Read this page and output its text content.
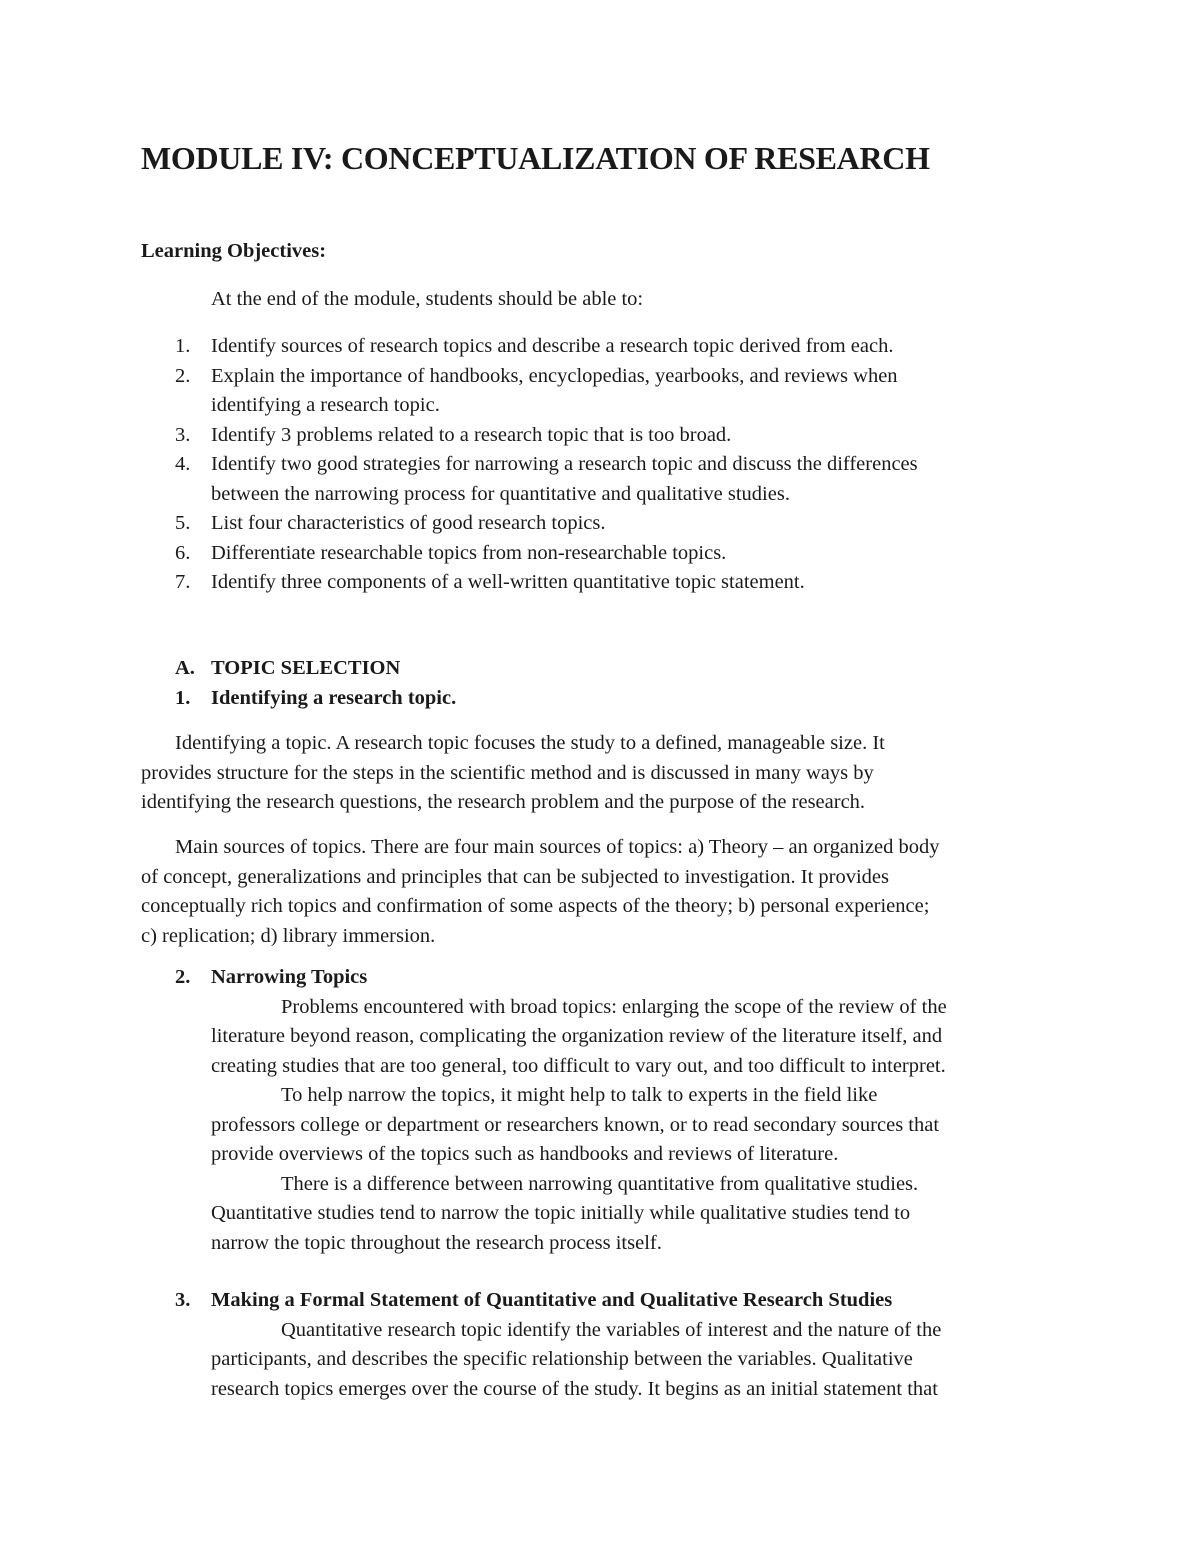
MODULE IV: CONCEPTUALIZATION OF RESEARCH
Learning Objectives:

At the end of the module, students should be able to:

1.	Identify sources of research topics and describe a research topic derived from each.
2.	Explain the importance of handbooks, encyclopedias, yearbooks, and reviews when
identifying a research topic.
3.	Identify 3 problems related to a research topic that is too broad.
4.	Identify two good strategies for narrowing a research topic and discuss the differences
between the narrowing process for quantitative and qualitative studies.
5.	List four characteristics of good research topics.
6.	Differentiate researchable topics from non-researchable topics.
7.	Identify three components of a well-written quantitative topic statement.
A. TOPIC SELECTION
1.	Identifying a research topic.

Identifying a topic. A research topic focuses the study to a defined, manageable size. It
provides structure for the steps in the scientific method and is discussed in many ways by
identifying the research questions, the research problem and the purpose of the research.

Main sources of topics. There are four main sources of topics: a) Theory – an organized body
of concept, generalizations and principles that can be subjected to investigation. It provides
conceptually rich topics and confirmation of some aspects of the theory; b) personal experience;
c) replication; d) library immersion.

2.	Narrowing Topics

Problems encountered with broad topics: enlarging the scope of the review of the
literature beyond reason, complicating the organization review of the literature itself, and
creating studies that are too general, too difficult to vary out, and too difficult to interpret.

To help narrow the topics, it might help to talk to experts in the field like
professors college or department or researchers known, or to read secondary sources that
provide overviews of the topics such as handbooks and reviews of literature.

There is a difference between narrowing quantitative from qualitative studies.
Quantitative studies tend to narrow the topic initially while qualitative studies tend to
narrow the topic throughout the research process itself.

3.	Making a Formal Statement of Quantitative and Qualitative Research Studies

Quantitative research topic identify the variables of interest and the nature of the
participants, and describes the specific relationship between the variables. Qualitative
research topics emerges over the course of the study. It begins as an initial statement that
